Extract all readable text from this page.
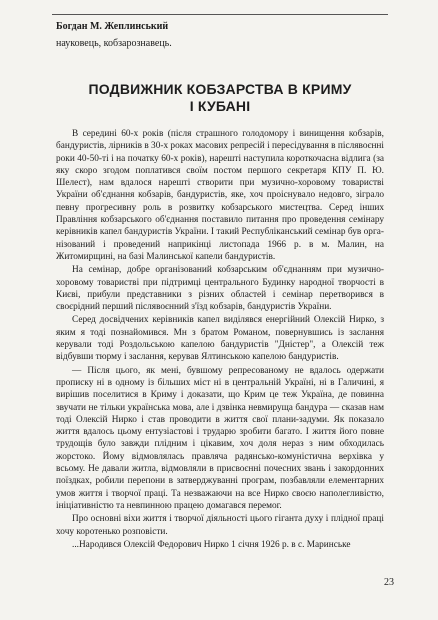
Богдан М. Жеплинський

науковець, кобзарознавець.

ПОДВИЖНИК КОБЗАРСТВА В КРИМУ
І КУБАНІ

В середині 60-х років (після страшного голодомору і винищення кобзарів, бандуристів, лірників в 30-х роках масових репресій і пересідування в післявоєнні роки 40-50-ті і на початку 60-х років), нарешті наступила короткочасна відлига (за яку скоро згодом поплатився своїм постом першого секретаря КПУ П. Ю. Шелест), нам вдалося нарешті створити при музично-хоровому товаристві України об'єднання кобзарів, бандуристів, яке, хоч проіснувало недовго, зіграло певну прогресивну роль в розвитку кобзарського мистецтва. Серед інших Правління кобзарського об'єднання поставило питання про проведення семінару керівників капел бандуристів України. І такий Республіканський семінар був організований і проведений наприкінці листопада 1966 р. в м. Малин, на Житомирщині, на базі Малинської капели бандуристів.

На семінар, добре організований кобзарським об'єднанням при музично-хоровому товаристві при підтримці центрального Будинку народної творчості в Києві, прибули представники з різних областей і семінар перетворився в своєрідний перший післявоєнний з'їзд кобзарів, бандуристів України.

Серед досвідчених керівників капел виділявся енергійний Олексій Нирко, з яким я тоді познайомився. Мн з братом Романом, повернувшись із заслання керували тоді Роздольською капелою бандуристів "Дністер", а Олексій теж відбувши тюрму і заслання, керував Ялтинською капелою бандуристів.

— Після цього, як мені, бувшому репресованому не вдалось одержати прописку ні в одному із більших міст ні в центральній Україні, ні в Галичині, я вирішив поселитися в Криму і доказати, що Крим це теж Україна, де повинна звучати не тільки українська мова, але і дзвінка невмируща бандура — сказав нам тоді Олексій Нирко і став проводити в життя свої плани-задуми. Як показало життя вдалось цьому ентузіастові і трударю зробити багато. І життя його повне трудощів було завжди плідним і цікавим, хоч доля нераз з ним обходилась жорстоко. Йому відмовлялась правляча радянсько-комуністична верхівка у всьому. Не давали житла, відмовляли в присвоєнні почесних звань і закордонних поїздках, робили перепони в затверджуванні програм, позбавляли елементарних умов життя і творчої праці. Та незважаючи на все Нирко своєю наполегливістю, ініціативністю та невпинною працею домагався перемог.

Про основні віхи життя і творчої діяльності цього гіганта духу і плідної праці хочу коротенько розповісти.

...Народився Олексій Федорович Нирко 1 січня 1926 р. в с. Маринське

23
